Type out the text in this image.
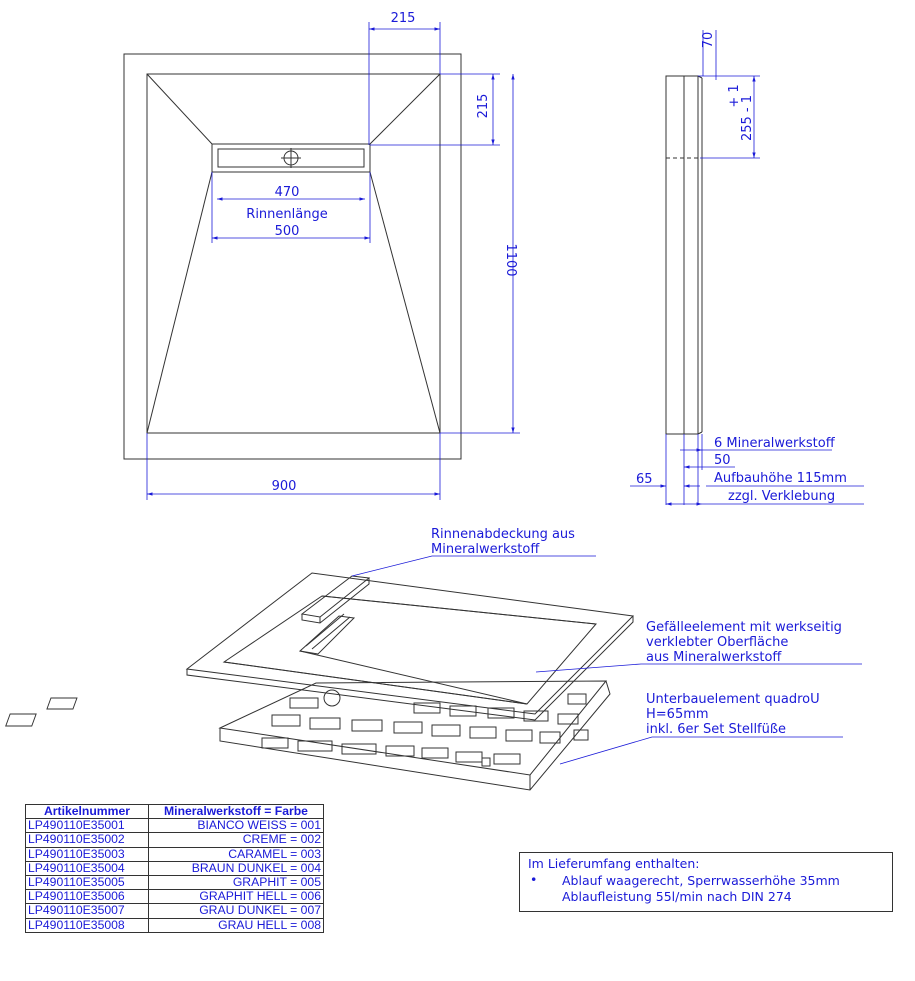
215
215
1100
470
Rinnenlänge
500
900
70
+ 1
255 - 1
6 Mineralwerkstoff
50
65	Aufbauhöhe 115mm
zzgl. Verklebung
Rinnenabdeckung aus
Mineralwerkstoff
Gefälleelement mit werkseitig
verklebter Oberfläche
aus Mineralwerkstoff
Unterbauelement quadroU
H=65mm
inkl. 6er Set Stellfüße
Artikelnummer	Mineralwerkstoff = Farbe
LP490110E35001	BIANCO WEISS = 001
LP490110E35002	CREME = 002
LP490110E35003	CARAMEL = 003
LP490110E35004	BRAUN DUNKEL = 004
LP490110E35005	GRAPHIT = 005
LP490110E35006	GRAPHIT HELL = 006
LP490110E35007	GRAU DUNKEL = 007
LP490110E35008	GRAU HELL = 008
Im Lieferumfang enthalten:
• Ablauf waagerecht, Sperrwasserhöhe 35mm
Ablaufleistung 55l/min nach DIN 274
